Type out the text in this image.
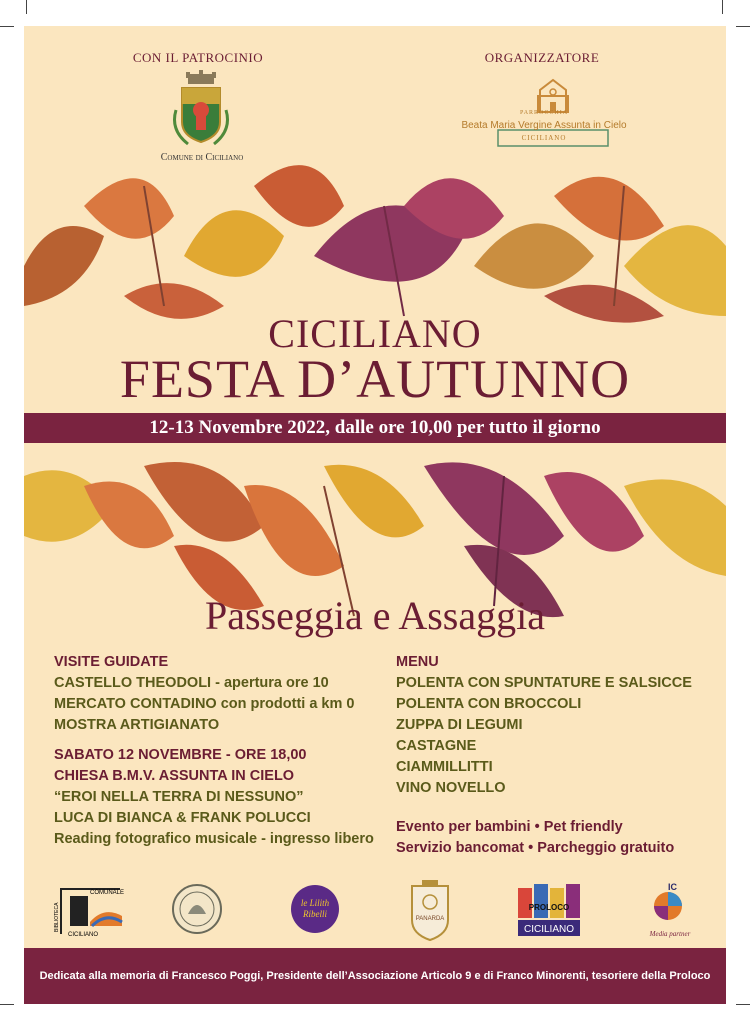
CON IL PATROCINIO	ORGANIZZATORE
Comune di Ciciliano
PARROCCHIA
Beata Maria Vergine Assunta in Cielo
CICILIANO
CICILIANO
FESTA D’AUTUNNO
12-13 Novembre 2022, dalle ore 10,00 per tutto il giorno
Passeggia e Assaggia
VISITE GUIDATE
CASTELLO THEODOLI - apertura ore 10
MERCATO CONTADINO con prodotti a km 0
MOSTRA ARTIGIANATO
SABATO 12 NOVEMBRE - ORE 18,00
CHIESA B.M.V. ASSUNTA IN CIELO
“EROI NELLA TERRA DI NESSUNO”
LUCA DI BIANCA & FRANK POLUCCI
Reading fotografico musicale - ingresso libero
MENU
POLENTA CON SPUNTATURE E SALSICCE
POLENTA CON BROCCOLI
ZUPPA DI LEGUMI
CASTAGNE
CIAMMILLITTI
VINO NOVELLO
Evento per bambini • Pet friendly
Servizio bancomat • Parcheggio gratuito
COMUNALE
BIBLIOTECA
CICILIANO
le Lilith
Ribelli	PANARDA
PROLOCO
CICILIANO
IC
Media partner
Dedicata alla memoria di Francesco Poggi, Presidente dell’Associazione Articolo 9 e di Franco Minorenti, tesoriere della Proloco
